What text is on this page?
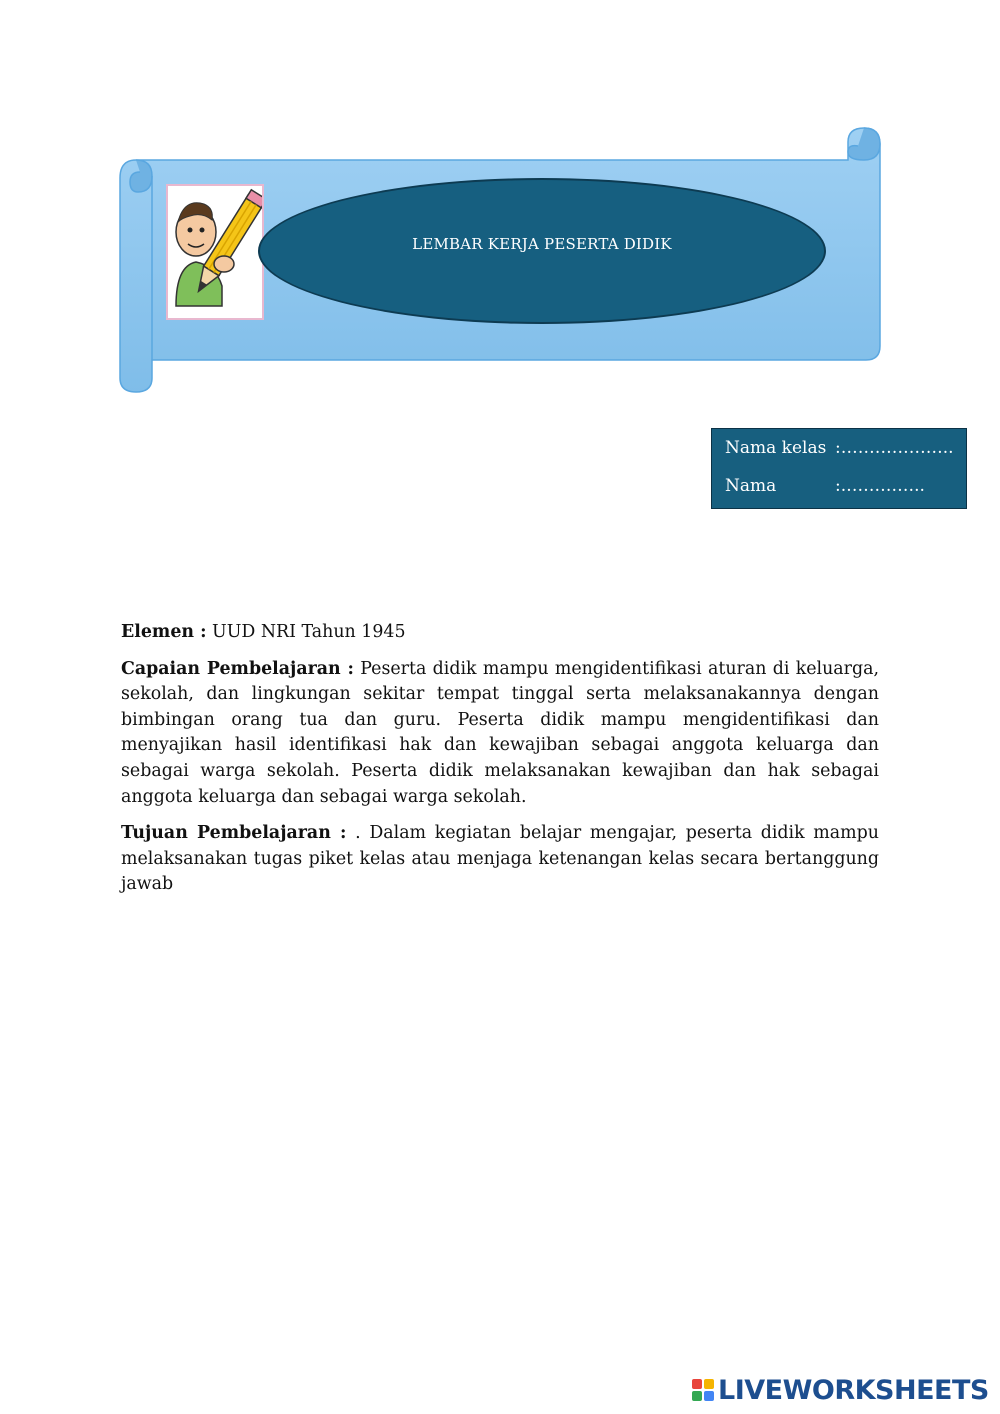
LEMBAR KERJA PESERTA DIDIK
Nama kelas :………………..
Nama	:.…………..

Elemen : UUD NRI Tahun 1945

Capaian Pembelajaran : Peserta didik mampu mengidentifikasi aturan di keluarga, sekolah, dan lingkungan sekitar tempat tinggal serta melaksanakannya dengan bimbingan orang tua dan guru. Peserta didik mampu mengidentifikasi dan menyajikan hasil identifikasi hak dan kewajiban sebagai anggota keluarga dan sebagai warga sekolah. Peserta didik melaksanakan kewajiban dan hak sebagai anggota keluarga dan sebagai warga sekolah.

Tujuan Pembelajaran : . Dalam kegiatan belajar mengajar, peserta didik mampu melaksanakan tugas piket kelas atau menjaga ketenangan kelas secara bertanggung jawab

LIVEWORKSHEETS
